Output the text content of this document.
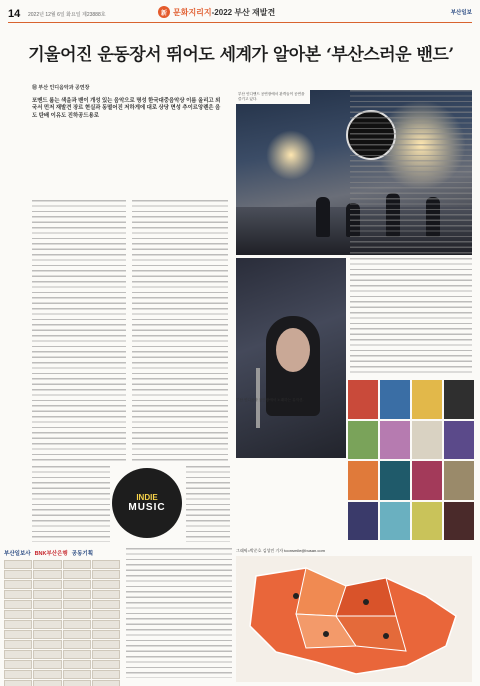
14	2022년 12월 6일 화요일 제23888호	新 문화지리지-2022 부산 재발견	부산일보
기울어진 운동장서 뛰어도 세계가 알아본 ‘부산스러운 밴드’
⑩ 부산 인디음악과 공연장
포맨드 룸는 색을과 밴이 개성 있는 음악으로 명성 한국대중음악상 이름 올리고 외국서 먼저 재발견 장르 현실과 동떨어진 저하게에 대로 상당 면성 추이르앙렌은 음도 탄배 이유도 진하공드용로
부산 인디밴드 공연장에서 관객들이 공연을 즐기고 있다.
부산 인디음악 공연장에서 노래하는 뮤지션.
INDIE
MUSIC
부산일보사 BNK부산은행 공동기획
그래픽=박준호 김성민 기자 toonsmile@busan.com
